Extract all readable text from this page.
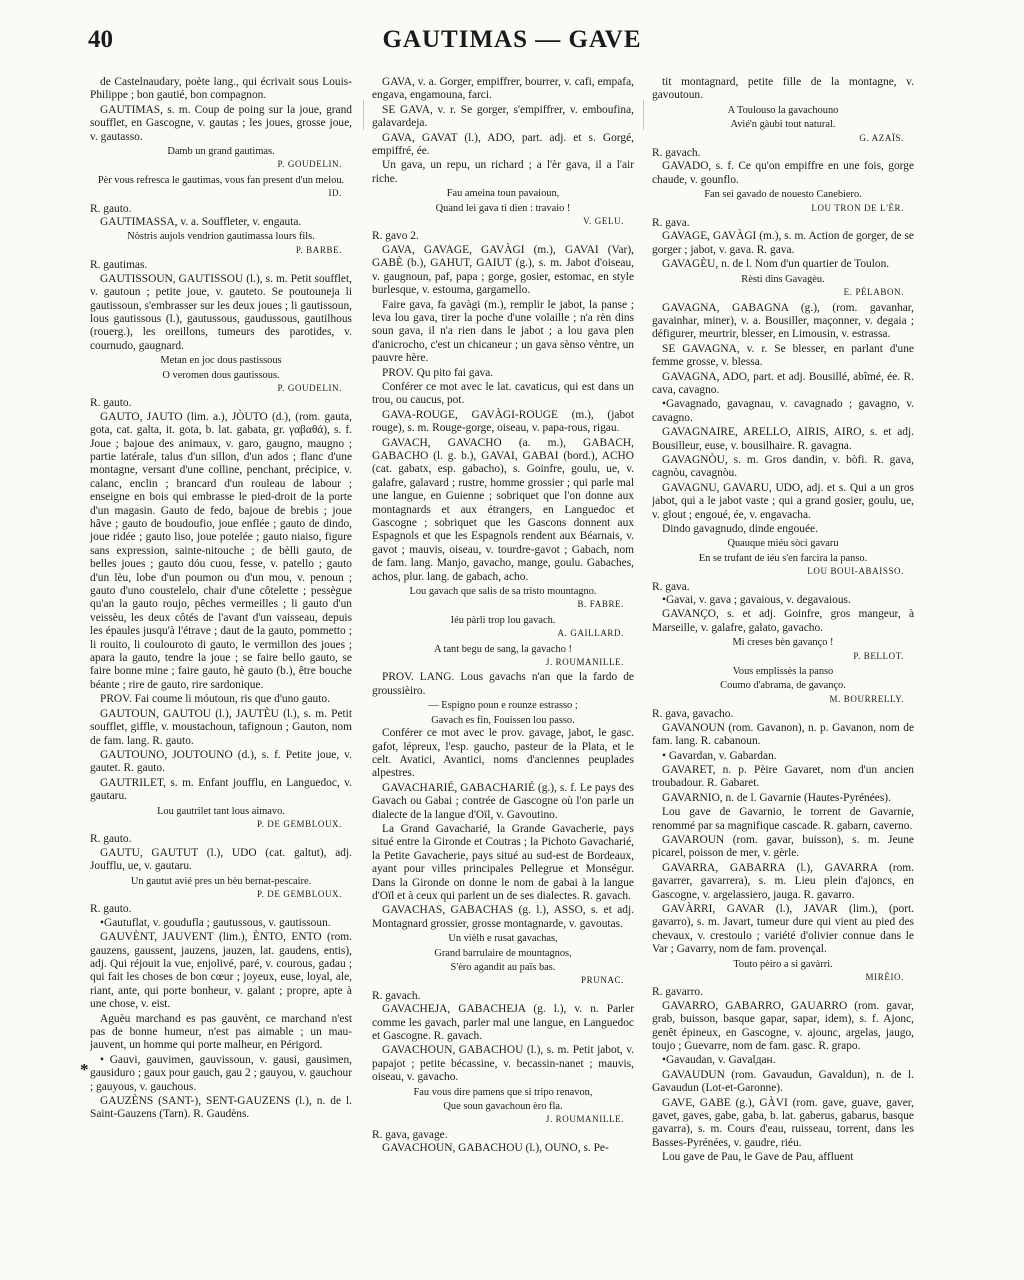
40	GAUTIMAS — GAVE

de Castelnaudary, poète lang., qui écrivait sous Louis-Philippe ; bon gautié, bon compagnon.

GAUTIMAS, s. m. Coup de poing sur la joue, grand soufflet, en Gascogne, v. gautas ; les joues, grosse joue, v. gautasso.

Damb un grand gautimas.

P. GOUDELIN.

Pèr vous refresca le gautimas, vous fan present d'un melou.

ID.

R. gauto.

GAUTIMASSA, v. a. Souffleter, v. engauta.

Nòstris aujols vendrion gautimassa lours fils.

P. BARBE.

R. gautimas.

GAUTISSOUN, GAUTISSOU (l.), s. m. Petit soufflet, v. gautoun ; petite joue, v. gauteto. Se poutouneja li gautissoun, s'embrasser sur les deux joues ; li gautissoun, lous gautissous (l.), gautussous, gaudussous, gautilhous (rouerg.), les oreillons, tumeurs des parotides, v. cournudo, gaugnard.

Metan en joc dous pastissous

O veromen dous gautissous.

P. GOUDELIN.

R. gauto.

GAUTO, JAUTO (lim. a.), JÒUTO (d.), (rom. gauta, gota, cat. galta, it. gota, b. lat. gabata, gr. γαβαθά), s. f. Joue ; bajoue des animaux, v. garo, gaugno, maugno ; partie latérale, talus d'un sillon, d'un ados ; flanc d'une montagne, versant d'une colline, penchant, précipice, v. calanc, enclin ; brancard d'un rouleau de labour ; enseigne en bois qui embrasse le pied-droit de la porte d'un magasin. Gauto de fedo, bajoue de brebis ; joue hâve ; gauto de boudoufio, joue enflée ; gauto de dindo, joue ridée ; gauto liso, joue potelée ; gauto niaiso, figure sans expression, sainte-nitouche ; de bèlli gauto, de belles joues ; gauto dóu cuou, fesse, v. patello ; gauto d'un lèu, lobe d'un poumon ou d'un mou, v. penoun ; gauto d'uno coustelelo, chair d'une côtelette ; pessègue qu'an la gauto roujo, pêches vermeilles ; li gauto d'un veissèu, les deux côtés de l'avant d'un vaisseau, depuis les épaules jusqu'à l'étrave ; daut de la gauto, pommetto ; li rouito, li coulouroto di gauto, le vermillon des joues ; apara la gauto, tendre la joue ; se faire bello gauto, se faire bonne mine ; faire gauto, hè gauto (b.), être bouche béante ; rire de gauto, rire sardonique.

PROV. Fai coume li móutoun, ris que d'uno gauto.

GAUTOUN, GAUTOU (l.), JAUTÈU (l.), s. m. Petit soufflet, giffle, v. moustachoun, tafignoun ; Gauton, nom de fam. lang. R. gauto.

GAUTOUNO, JOUTOUNO (d.), s. f. Petite joue, v. gautet. R. gauto.

GAUTRILET, s. m. Enfant joufflu, en Languedoc, v. gautaru.

Lou gautrilet tant lous aimavo.

P. DE GEMBLOUX.

R. gauto.

GAUTU, GAUTUT (l.), UDO (cat. galtut), adj. Joufflu, ue, v. gautaru.

Un gautut avié pres un bèu bernat-pescaire.

P. DE GEMBLOUX.

R. gauto.

•Gautuflat, v. goudufla ; gautussous, v. gautissoun.

GAUVÈNT, JAUVENT (lim.), ÈNTO, ENTO (rom. gauzens, gaussent, jauzens, jauzen, lat. gaudens, entis), adj. Qui réjouit la vue, enjolivé, paré, v. courous, gadau ; qui fait les choses de bon cœur ; joyeux, euse, loyal, ale, riant, ante, qui porte bonheur, v. galant ; propre, apte à une chose, v. eist.

Aguèu marchand es pas gauvènt, ce marchand n'est pas de bonne humeur, n'est pas aimable ; un mau-jauvent, un homme qui porte malheur, en Périgord.

• Gauvi, gauvimen, gauvissoun, v. gausi, gausimen, gausiduro ; gaux pour gauch, gau 2 ; gauyou, v. gauchour ; gauyous, v. gauchous.

GAUZÈNS (SANT-), SENT-GAUZENS (l.), n. de l. Saint-Gauzens (Tarn). R. Gaudèns.

GAVA, v. a. Gorger, empiffrer, bourrer, v. cafi, empafa, engava, engamouna, farci.

SE GAVA, v. r. Se gorger, s'empiffrer, v. emboufina, galavardeja.

GAVA, GAVAT (l.), ADO, part. adj. et s. Gorgé, empiffré, ée.

Un gava, un repu, un richard ; a l'èr gava, il a l'air riche.

Fau ameina toun pavaioun,

Quand lei gava ti dien : travaio !

V. GELU.

R. gavo 2.

GAVA, GAVAGE, GAVÀGI (m.), GAVAI (Var), GABÈ (b.), GAHUT, GAIUT (g.), s. m. Jabot d'oiseau, v. gaugnoun, paf, papa ; gorge, gosier, estomac, en style burlesque, v. estouma, gargamello.

Faire gava, fa gavàgi (m.), remplir le jabot, la panse ; leva lou gava, tirer la poche d'une volaille ; n'a rèn dins soun gava, il n'a rien dans le jabot ; a lou gava plen d'anicrocho, c'est un chicaneur ; un gava sènso vèntre, un pauvre hère.

PROV. Qu pito fai gava.

Conférer ce mot avec le lat. cavaticus, qui est dans un trou, ou caucus, pot.

GAVA-ROUGE, GAVÀGI-ROUGE (m.), (jabot rouge), s. m. Rouge-gorge, oiseau, v. papa-rous, rigau.

GAVACH, GAVACHO (a. m.), GABACH, GABACHO (l. g. b.), GAVAI, GABAI (bord.), ACHO (cat. gabatx, esp. gabacho), s. Goinfre, goulu, ue, v. galafre, galavard ; rustre, homme grossier ; qui parle mal une langue, en Guienne ; sobriquet que l'on donne aux montagnards et aux étrangers, en Languedoc et Gascogne ; sobriquet que les Gascons donnent aux Espagnols et que les Espagnols rendent aux Béarnais, v. gavot ; mauvis, oiseau, v. tourdre-gavot ; Gabach, nom de fam. lang. Manjo, gavacho, mange, goulu. Gabaches, achos, plur. lang. de gabach, acho.

Lou gavach que salis de sa tristo mountagno.

B. FABRE.

Iéu pàrli trop lou gavach.

A. GAILLARD.

A tant begu de sang, la gavacho !

J. ROUMANILLE.

PROV. LANG. Lous gavachs n'an que la fardo de groussièiro.

— Espigno poun e rounze estrasso ;

Gavach es fin, Fouissen lou passo.

Conférer ce mot avec le prov. gavage, jabot, le gasc. gafot, lépreux, l'esp. gaucho, pasteur de la Plata, et le celt. Avatici, Avantici, noms d'anciennes peuplades alpestres.

GAVACHARIÉ, GABACHARIÉ (g.), s. f. Le pays des Gavach ou Gabai ; contrée de Gascogne où l'on parle un dialecte de la langue d'Oïl, v. Gavoutino.

La Grand Gavacharié, la Grande Gavacherie, pays situé entre la Gironde et Coutras ; la Pichoto Gavacharié, la Petite Gavacherie, pays situé au sud-est de Bordeaux, ayant pour villes principales Pellegrue et Monségur. Dans la Gironde on donne le nom de gabai à la langue d'Oïl et à ceux qui parlent un de ses dialectes. R. gavach.

GAVACHAS, GABACHAS (g. l.), ASSO, s. et adj. Montagnard grossier, grosse montagnarde, v. gavoutas.

Un vièlh e rusat gavachas,

Grand barrulaire de mountagnos,

S'èro agandit au païs bas.

PRUNAC.

R. gavach.

GAVACHEJA, GABACHEJA (g. l.), v. n. Parler comme les gavach, parler mal une langue, en Languedoc et Gascogne. R. gavach.

GAVACHOUN, GABACHOU (l.), s. m. Petit jabot, v. papajot ; petite bécassine, v. becassin-nanet ; mauvis, oiseau, v. gavacho.

Fau vous dire pamens que si tripo renavon,

Que soun gavachoun èro fla.

J. ROUMANILLE.

R. gava, gavage.

GAVACHOUN, GABACHOU (l.), OUNO, s. Pe-

tit montagnard, petite fille de la montagne, v. gavoutoun.

A Toulouso la gavachouno

Avié'n gàubi tout natural.

G. AZAÏS.

R. gavach.

GAVADO, s. f. Ce qu'on empiffre en une fois, gorge chaude, v. gounflo.

Fan sei gavado de nouesto Canebiero.

LOU TRON DE L'ÈR.

R. gava.

GAVAGE, GAVÀGI (m.), s. m. Action de gorger, de se gorger ; jabot, v. gava. R. gava.

GAVAGÈU, n. de l. Nom d'un quartier de Toulon.

Rèsti dins Gavagèu.

E. PÉLABON.

GAVAGNA, GABAGNA (g.), (rom. gavanhar, gavainhar, miner), v. a. Bousiller, maçonner, v. degaia ; défigurer, meurtrir, blesser, en Limousin, v. estrassa.

SE GAVAGNA, v. r. Se blesser, en parlant d'une femme grosse, v. blessa.

GAVAGNA, ADO, part. et adj. Bousillé, abîmé, ée. R. cava, cavagno.

•Gavagnado, gavagnau, v. cavagnado ; gavagno, v. cavagno.

GAVAGNAIRE, ARELLO, AIRIS, AIRO, s. et adj. Bousilleur, euse, v. bousilhaire. R. gavagna.

GAVAGNÒU, s. m. Gros dandin, v. bòfi. R. gava, cagnòu, cavagnòu.

GAVAGNU, GAVARU, UDO, adj. et s. Qui a un gros jabot, qui a le jabot vaste ; qui a grand gosier, goulu, ue, v. glout ; engoué, ée, v. engavacha.

Dindo gavagnudo, dinde engouée.

Quauque miéu sòci gavaru

En se trufant de iéu s'en farcira la panso.

LOU BOUI-ABAISSO.

R. gava.

•Gavai, v. gava ; gavaious, v. degavaious.

GAVANÇO, s. et adj. Goinfre, gros mangeur, à Marseille, v. galafre, galato, gavacho.

Mi creses bèn gavanço !

P. BELLOT.

Vous emplissès la panso

Coumo d'abrama, de gavanço.

M. BOURRELLY.

R. gava, gavacho.

GAVANOUN (rom. Gavanon), n. p. Gavanon, nom de fam. lang. R. cabanoun.

• Gavardan, v. Gabardan.

GAVARET, n. p. Pèire Gavaret, nom d'un ancien troubadour. R. Gabaret.

GAVARNIO, n. de l. Gavarnie (Hautes-Pyrénées).

Lou gave de Gavarnio, le torrent de Gavarnie, renommé par sa magnifique cascade. R. gabarn, caverno.

GAVAROUN (rom. gavar, buisson), s. m. Jeune picarel, poisson de mer, v. gèrle.

GAVARRA, GABARRA (l.), GAVARRA (rom. gavarrer, gavarrera), s. m. Lieu plein d'ajoncs, en Gascogne, v. argelassiero, jauga. R. gavarro.

GAVÀRRI, GAVAR (l.), JAVAR (lim.), (port. gavarro), s. m. Javart, tumeur dure qui vient au pied des chevaux, v. crestoulo ; variété d'olivier connue dans le Var ; Gavarry, nom de fam. provençal.

Touto pèiro a si gavàrri.

MIRÈIO.

R. gavarro.

GAVARRO, GABARRO, GAUARRO (rom. gavar, grab, buisson, basque gapar, sapar, idem), s. f. Ajonc, genêt épineux, en Gascogne, v. ajounc, argelas, jaugo, toujo ; Guevarre, nom de fam. gasc. R. grapo.

•Gavaudan, v. Gavalдан.

GAVAUDUN (rom. Gavaudun, Gavaldun), n. de l. Gavaudun (Lot-et-Garonne).

GAVE, GABE (g.), GÀVI (rom. gave, guave, gaver, gavet, gaves, gabe, gaba, b. lat. gaberus, gabarus, basque gavarra), s. m. Cours d'eau, ruisseau, torrent, dans les Basses-Pyrénées, v. gaudre, riéu.

Lou gave de Pau, le Gave de Pau, affluent

*
